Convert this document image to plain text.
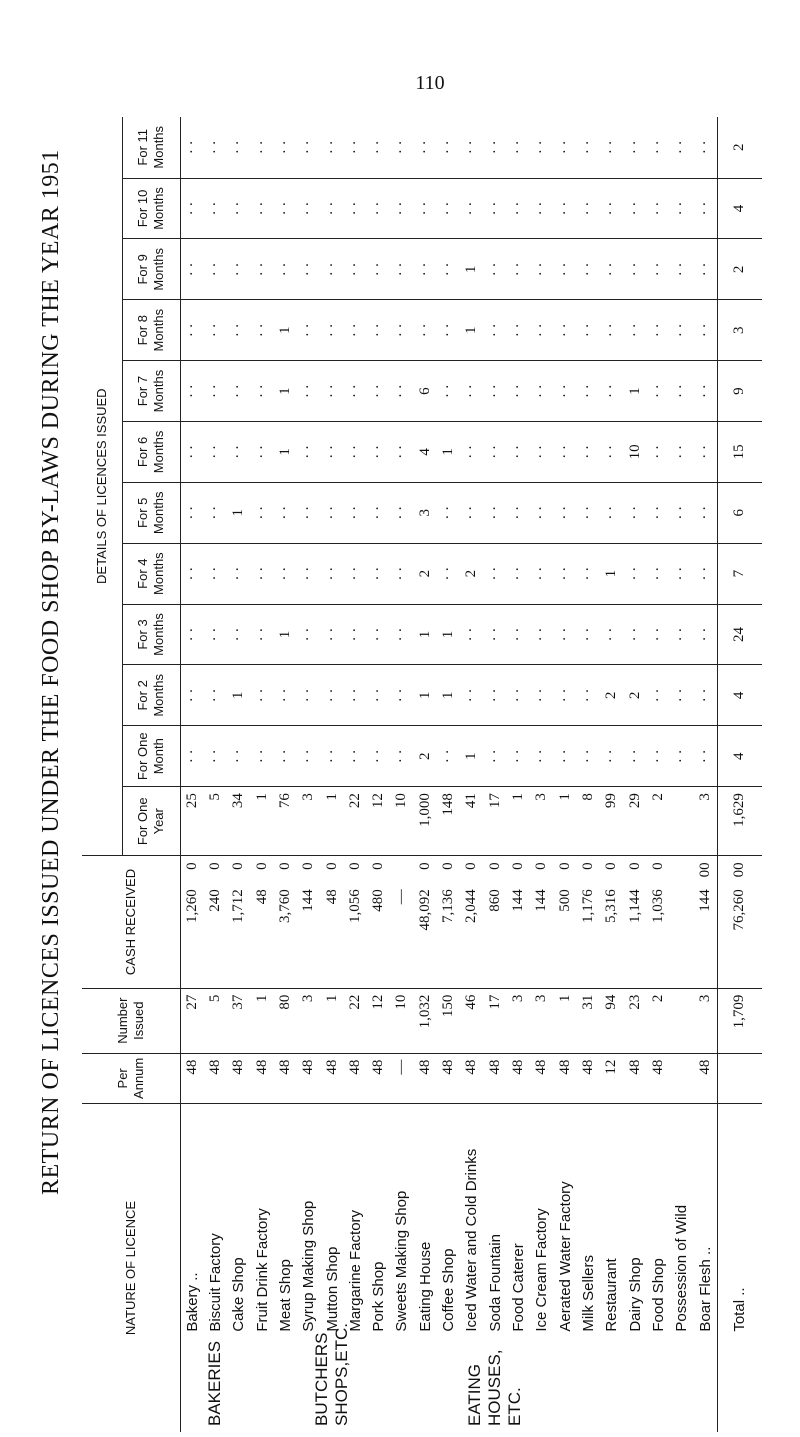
110
RETURN OF LICENCES ISSUED UNDER THE FOOD SHOP BY-LAWS DURING THE YEAR 1951
NATURE OF LICENCE		Per Annum	Number Issued	CASH RECEIVED		DETAILS OF LICENCES ISSUED											
						For One Year	For One Month	For 2 Months	For 3 Months	For 4 Months	For 5 Months	For 6 Months	For 7 Months	For 8 Months	For 9 Months	For 10 Months	For 11 Months
BAKERIES	Bakery ..	48	27	1,260	0	25	· ·	· ·	· ·	· ·	· ·	· ·	· ·	· ·	· ·	· ·	· ·
	Biscuit Factory	48	5	240	0	5	· ·	· ·	· ·	· ·	· ·	· ·	· ·	· ·	· ·	· ·	· ·
	Cake Shop	48	37	1,712	0	34	· ·	1	· ·	· ·	1	· ·	· ·	· ·	· ·	· ·	· ·
BUTCHERS SHOPS,ETC.	Fruit Drink Factory	48	1	48	0	1	· ·	· ·	· ·	· ·	· ·	· ·	· ·	· ·	· ·	· ·	· ·
	Meat Shop	48	80	3,760	0	76	· ·	· ·	1	· ·	· ·	1	1	1	· ·	· ·	· ·
	Syrup Making Shop	48	3	144	0	3	· ·	· ·	· ·	· ·	· ·	· ·	· ·	· ·	· ·	· ·	· ·
	Mutton Shop	48	1	48	0	1	· ·	· ·	· ·	· ·	· ·	· ·	· ·	· ·	· ·	· ·	· ·
	Margarine Factory	48	22	1,056	0	22	· ·	· ·	· ·	· ·	· ·	· ·	· ·	· ·	· ·	· ·	· ·
	Pork Shop	48	12	480	0	12	· ·	· ·	· ·	· ·	· ·	· ·	· ·	· ·	· ·	· ·	· ·
	Sweets Making Shop	—	10	—		10	· ·	· ·	· ·	· ·	· ·	· ·	· ·	· ·	· ·	· ·	· ·
EATING HOUSES, ETC.	Eating House	48	1,032	48,092	0	1,000	2	1	1	2	3	4	6	· ·	· ·	· ·	· ·
	Coffee Shop	48	150	7,136	0	148	· ·	1	1	· ·	· ·	1	· ·	· ·	· ·	· ·	· ·
	Iced Water and Cold Drinks	48	46	2,044	0	41	1	· ·	· ·	2	· ·	· ·	· ·	1	1	· ·	· ·
	Soda Fountain	48	17	860	0	17	· ·	· ·	· ·	· ·	· ·	· ·	· ·	· ·	· ·	· ·	· ·
	Food Caterer	48	3	144	0	1	· ·	· ·	· ·	· ·	· ·	· ·	· ·	· ·	· ·	· ·	· ·
	Ice Cream Factory	48	3	144	0	3	· ·	· ·	· ·	· ·	· ·	· ·	· ·	· ·	· ·	· ·	· ·
	Aerated Water Factory	48	1	500	0	1	· ·	· ·	· ·	· ·	· ·	· ·	· ·	· ·	· ·	· ·	· ·
	Milk Sellers	48	31	1,176	0	8	· ·	· ·	· ·	· ·	· ·	· ·	· ·	· ·	· ·	· ·	· ·
	Restaurant	12	94	5,316	0	99	· ·	2	· ·	1	· ·	· ·	· ·	· ·	· ·	· ·	· ·
	Dairy Shop	48	23	1,144	0	29	· ·	2	· ·	· ·	· ·	10	1	· ·	· ·	· ·	· ·
	Food Shop	48	2	1,036	0	2	· ·	· ·	· ·	· ·	· ·	· ·	· ·	· ·	· ·	· ·	· ·
	Possession of Wild						· ·	· ·	· ·	· ·	· ·	· ·	· ·	· ·	· ·	· ·	· ·
	Boar Flesh ..	48	3	144	00	3	· ·	· ·	· ·	· ·	· ·	· ·	· ·	· ·	· ·	· ·	· ·
	Total ..		1,709	76,260	00	1,629	4	4	24	7	6	15	9	3	2	4	2
